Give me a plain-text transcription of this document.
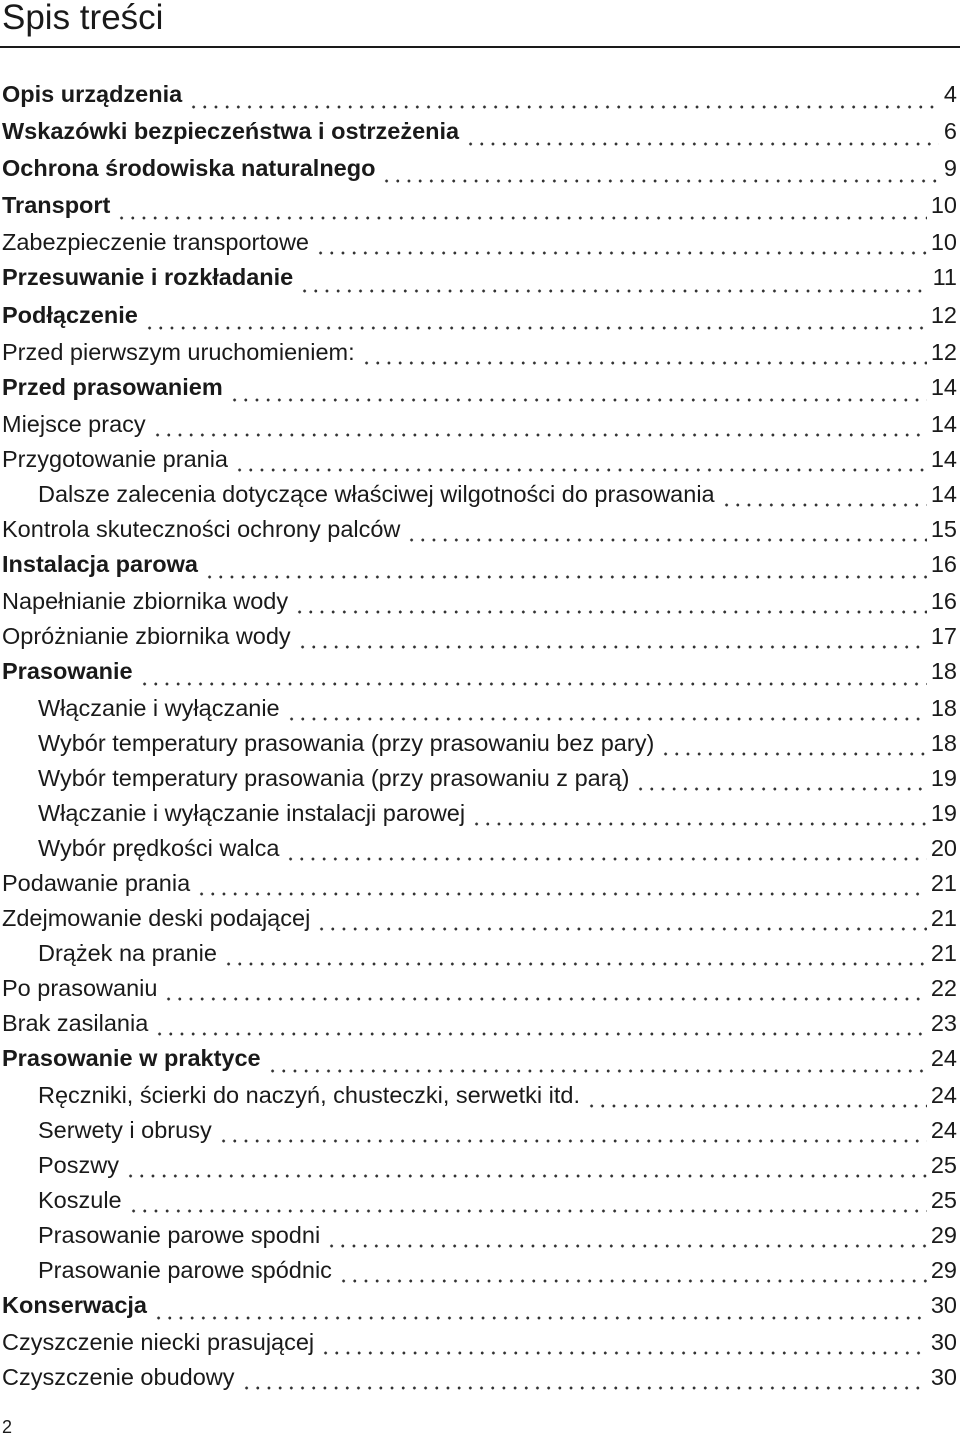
Spis treści
Opis urządzenia	4
Wskazówki bezpieczeństwa i ostrzeżenia	6
Ochrona środowiska naturalnego	9
Transport	10
Zabezpieczenie transportowe	10
Przesuwanie i rozkładanie	11
Podłączenie	12
Przed pierwszym uruchomieniem:	12
Przed prasowaniem	14
Miejsce pracy	14
Przygotowanie prania	14
Dalsze zalecenia dotyczące właściwej wilgotności do prasowania	14
Kontrola skuteczności ochrony palców	15
Instalacja parowa	16
Napełnianie zbiornika wody	16
Opróżnianie zbiornika wody	17
Prasowanie	18
Włączanie i wyłączanie	18
Wybór temperatury prasowania (przy prasowaniu bez pary)	18
Wybór temperatury prasowania (przy prasowaniu z parą)	19
Włączanie i wyłączanie instalacji parowej	19
Wybór prędkości walca	20
Podawanie prania	21
Zdejmowanie deski podającej	21
Drążek na pranie	21
Po prasowaniu	22
Brak zasilania	23
Prasowanie w praktyce	24
Ręczniki, ścierki do naczyń, chusteczki, serwetki itd.	24
Serwety i obrusy	24
Poszwy	25
Koszule	25
Prasowanie parowe spodni	29
Prasowanie parowe spódnic	29
Konserwacja	30
Czyszczenie niecki prasującej	30
Czyszczenie obudowy	30
2
